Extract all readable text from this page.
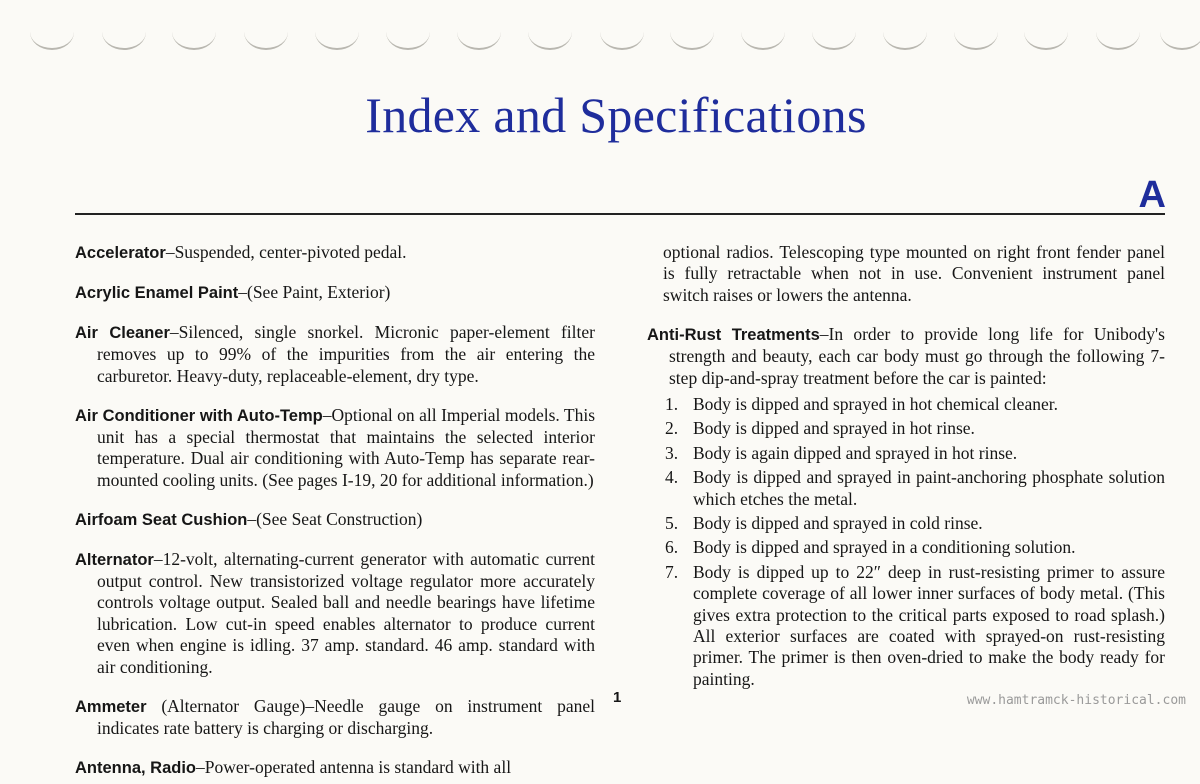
Index and Specifications
A

Accelerator–Suspended, center-pivoted pedal.

Acrylic Enamel Paint–(See Paint, Exterior)

Air Cleaner–Silenced, single snorkel. Micronic paper-element filter removes up to 99% of the impurities from the air entering the carburetor. Heavy-duty, replaceable-element, dry type.

Air Conditioner with Auto-Temp–Optional on all Imperial models. This unit has a special thermostat that maintains the selected interior temperature. Dual air conditioning with Auto-Temp has separate rear-mounted cooling units. (See pages I-19, 20 for additional information.)

Airfoam Seat Cushion–(See Seat Construction)

Alternator–12-volt, alternating-current generator with automatic current output control. New transistorized voltage regulator more accurately controls voltage output. Sealed ball and needle bearings have lifetime lubrication. Low cut-in speed enables alternator to produce current even when engine is idling. 37 amp. standard. 46 amp. standard with air conditioning.

Ammeter (Alternator Gauge)–Needle gauge on instrument panel indicates rate battery is charging or discharging.

Antenna, Radio–Power-operated antenna is standard with all

optional radios. Telescoping type mounted on right front fender panel is fully retractable when not in use. Convenient instrument panel switch raises or lowers the antenna.

Anti-Rust Treatments–In order to provide long life for Unibody's strength and beauty, each car body must go through the following 7-step dip-and-spray treatment before the car is painted:

1. Body is dipped and sprayed in hot chemical cleaner.
2. Body is dipped and sprayed in hot rinse.
3. Body is again dipped and sprayed in hot rinse.
4. Body is dipped and sprayed in paint-anchoring phosphate solution which etches the metal.
5. Body is dipped and sprayed in cold rinse.
6. Body is dipped and sprayed in a conditioning solution.
7. Body is dipped up to 22″ deep in rust-resisting primer to assure complete coverage of all lower inner surfaces of body metal. (This gives extra protection to the critical parts exposed to road splash.) All exterior surfaces are coated with sprayed-on rust-resisting primer. The primer is then oven-dried to make the body ready for painting.
1	www.hamtramck-historical.com
